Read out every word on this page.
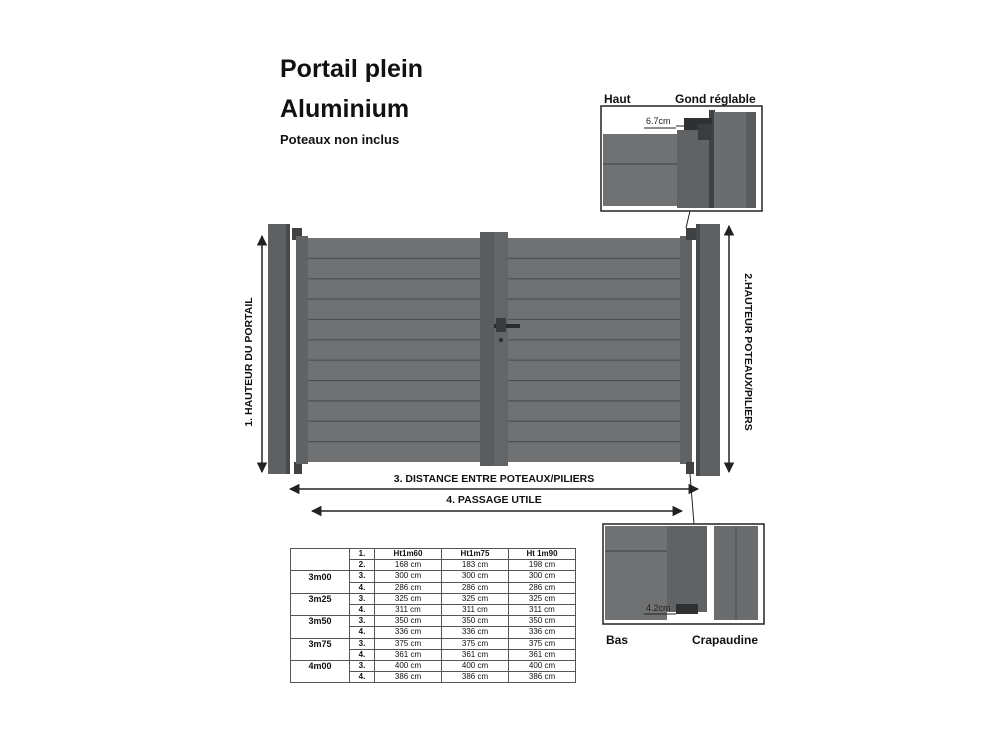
Portail plein
Aluminium
Poteaux non inclus
Haut	Gond réglable
Bas	Crapaudine
1. HAUTEUR DU PORTAIL	2.HAUTEUR POTEAUX/PILIERS
3. DISTANCE ENTRE POTEAUX/PILIERS
4. PASSAGE UTILE
6.7cm
4.2cm
	1.	Ht1m60	Ht1m75	Ht 1m90
	2.	168 cm	183 cm	198 cm
3m00	3.	300 cm	300 cm	300 cm
	4.	286 cm	286 cm	286 cm
3m25	3.	325 cm	325 cm	325 cm
	4.	311 cm	311 cm	311 cm
3m50	3.	350 cm	350 cm	350 cm
	4.	336 cm	336 cm	336 cm
3m75	3.	375 cm	375 cm	375 cm
	4.	361 cm	361 cm	361 cm
4m00	3.	400 cm	400 cm	400 cm
	4.	386 cm	386 cm	386 cm
